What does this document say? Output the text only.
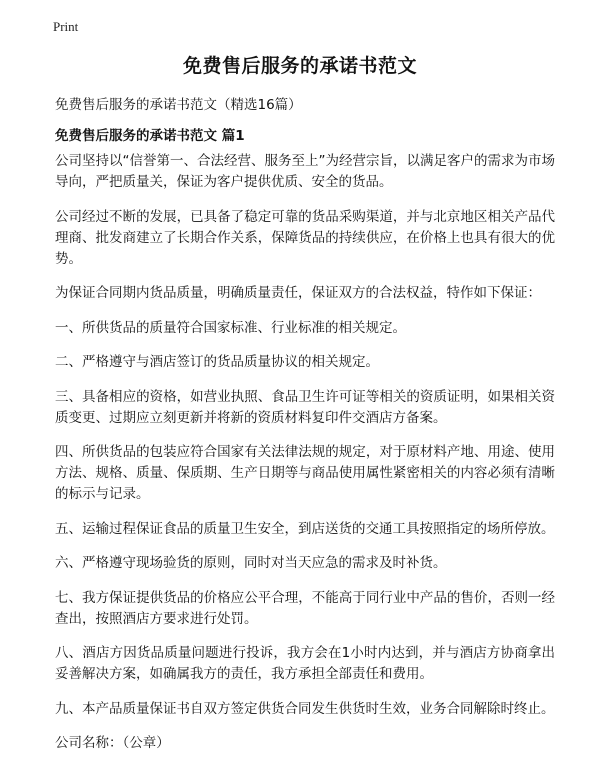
Print
免费售后服务的承诺书范文

免费售后服务的承诺书范文（精选16篇）

免费售后服务的承诺书范文 篇1

公司坚持以“信誉第一、合法经营、服务至上”为经营宗旨，以满足客户的需求为市场导向，严把质量关，保证为客户提供优质、安全的货品。

公司经过不断的发展，已具备了稳定可靠的货品采购渠道，并与北京地区相关产品代理商、批发商建立了长期合作关系，保障货品的持续供应，在价格上也具有很大的优势。

为保证合同期内货品质量，明确质量责任，保证双方的合法权益，特作如下保证：

一、所供货品的质量符合国家标准、行业标准的相关规定。

二、严格遵守与酒店签订的货品质量协议的相关规定。

三、具备相应的资格，如营业执照、食品卫生许可证等相关的资质证明，如果相关资质变更、过期应立刻更新并将新的资质材料复印件交酒店方备案。

四、所供货品的包装应符合国家有关法律法规的规定，对于原材料产地、用途、使用方法、规格、质量、保质期、生产日期等与商品使用属性紧密相关的内容必须有清晰的标示与记录。

五、运输过程保证食品的质量卫生安全，到店送货的交通工具按照指定的场所停放。

六、严格遵守现场验货的原则，同时对当天应急的需求及时补货。

七、我方保证提供货品的价格应公平合理，不能高于同行业中产品的售价，否则一经查出，按照酒店方要求进行处罚。

八、酒店方因货品质量问题进行投诉，我方会在1小时内达到，并与酒店方协商拿出妥善解决方案，如确属我方的责任，我方承担全部责任和费用。

九、本产品质量保证书自双方签定供货合同发生供货时生效，业务合同解除时终止。

公司名称：（公章）
